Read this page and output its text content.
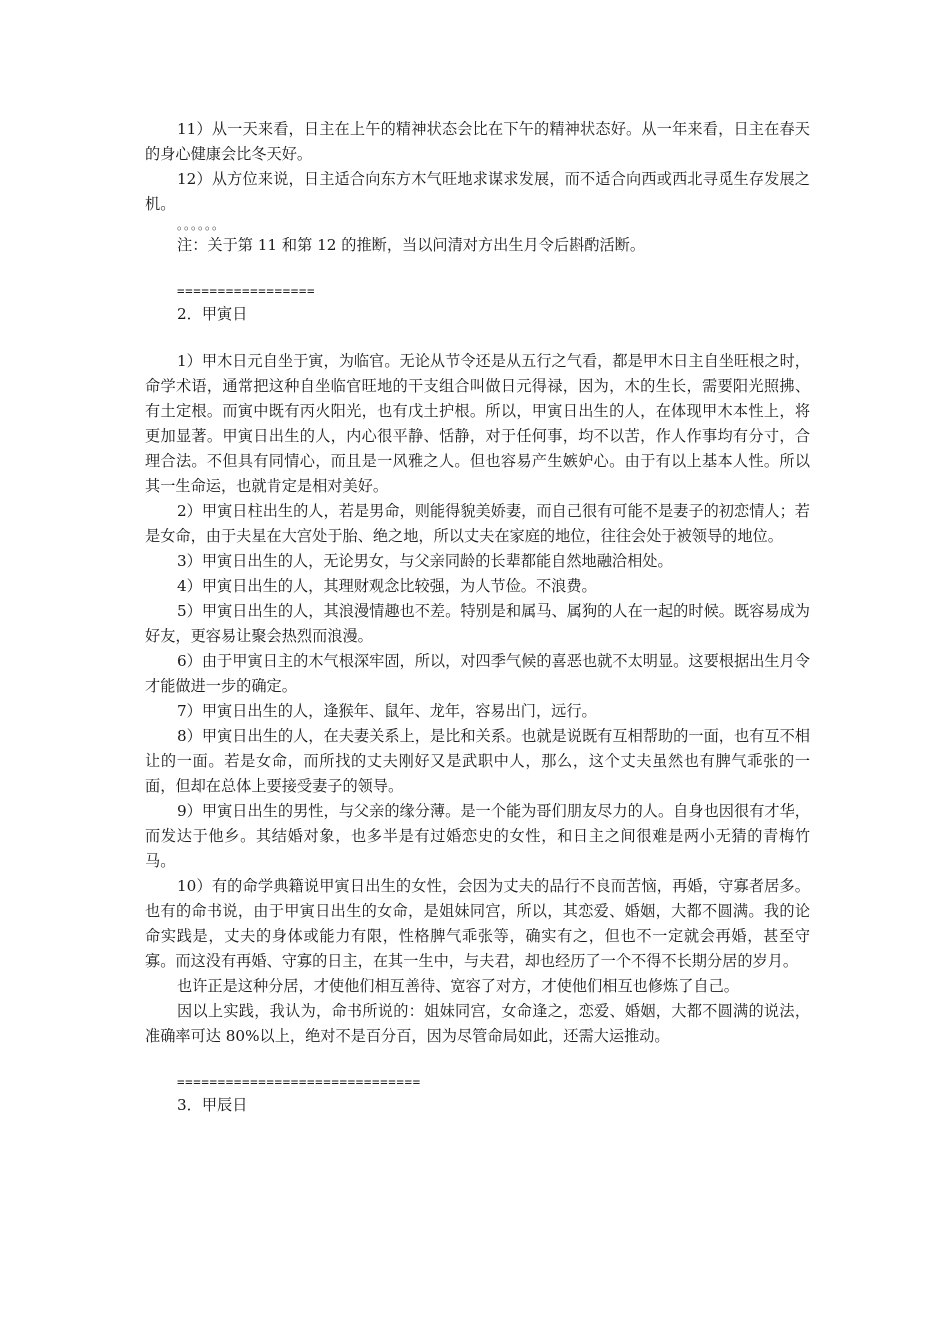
11）从一天来看，日主在上午的精神状态会比在下午的精神状态好。从一年来看，日主在春天的身心健康会比冬天好。

12）从方位来说，日主适合向东方木气旺地求谋求发展，而不适合向西或西北寻觅生存发展之机。

。。。。。。

注：关于第 11 和第 12 的推断，当以问清对方出生月令后斟酌活断。

=================

2．甲寅日

1）甲木日元自坐于寅，为临官。无论从节令还是从五行之气看，都是甲木日主自坐旺根之时，命学术语，通常把这种自坐临官旺地的干支组合叫做日元得禄，因为，木的生长，需要阳光照拂、有土定根。而寅中既有丙火阳光，也有戊土护根。所以，甲寅日出生的人，在体现甲木本性上，将更加显著。甲寅日出生的人，内心很平静、恬静，对于任何事，均不以苦，作人作事均有分寸，合理合法。不但具有同情心，而且是一风雅之人。但也容易产生嫉妒心。由于有以上基本人性。所以其一生命运，也就肯定是相对美好。

2）甲寅日柱出生的人，若是男命，则能得貌美娇妻，而自己很有可能不是妻子的初恋情人；若是女命，由于夫星在大宫处于胎、绝之地，所以丈夫在家庭的地位，往往会处于被领导的地位。

3）甲寅日出生的人，无论男女，与父亲同龄的长辈都能自然地融洽相处。

4）甲寅日出生的人，其理财观念比较强，为人节俭。不浪费。

5）甲寅日出生的人，其浪漫情趣也不差。特别是和属马、属狗的人在一起的时候。既容易成为好友，更容易让聚会热烈而浪漫。

6）由于甲寅日主的木气根深牢固，所以，对四季气候的喜恶也就不太明显。这要根据出生月令才能做进一步的确定。

7）甲寅日出生的人，逢猴年、鼠年、龙年，容易出门，远行。

8）甲寅日出生的人，在夫妻关系上，是比和关系。也就是说既有互相帮助的一面，也有互不相让的一面。若是女命，而所找的丈夫刚好又是武职中人，那么，这个丈夫虽然也有脾气乖张的一面，但却在总体上要接受妻子的领导。

9）甲寅日出生的男性，与父亲的缘分薄。是一个能为哥们朋友尽力的人。自身也因很有才华，而发达于他乡。其结婚对象，也多半是有过婚恋史的女性，和日主之间很难是两小无猜的青梅竹马。

10）有的命学典籍说甲寅日出生的女性，会因为丈夫的品行不良而苦恼，再婚，守寡者居多。也有的命书说，由于甲寅日出生的女命，是姐妹同宫，所以，其恋爱、婚姻，大都不圆满。我的论命实践是，丈夫的身体或能力有限，性格脾气乖张等，确实有之，但也不一定就会再婚，甚至守寡。而这没有再婚、守寡的日主，在其一生中，与夫君，却也经历了一个不得不长期分居的岁月。

也许正是这种分居，才使他们相互善待、宽容了对方，才使他们相互也修炼了自己。

因以上实践，我认为，命书所说的：姐妹同宫，女命逢之，恋爱、婚姻，大都不圆满的说法，准确率可达 80%以上，绝对不是百分百，因为尽管命局如此，还需大运推动。

==============================

3．甲辰日
